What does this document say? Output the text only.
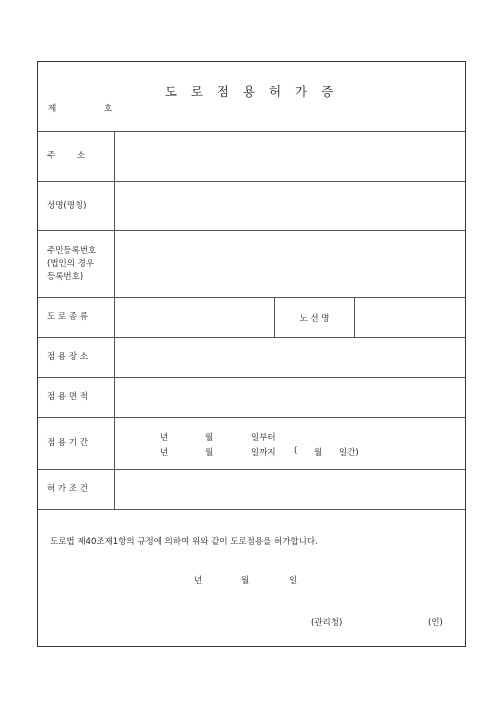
도 로 점 용 허 가 증
제	호
주        소
성명(명칭)
주민등록번호
(법인의 경우
등록번호)
도 로 종 류	노 선 명
점 용 장 소
점 용 면 적
점 용 기 간	년	월	일부터
년	월	일까지 ( 월 일간)
허 가 조 건
도로법 제40조제1항의 규정에 의하여 위와 같이 도로점용을 허가합니다.
년	월	일
(관리청)	(인)
